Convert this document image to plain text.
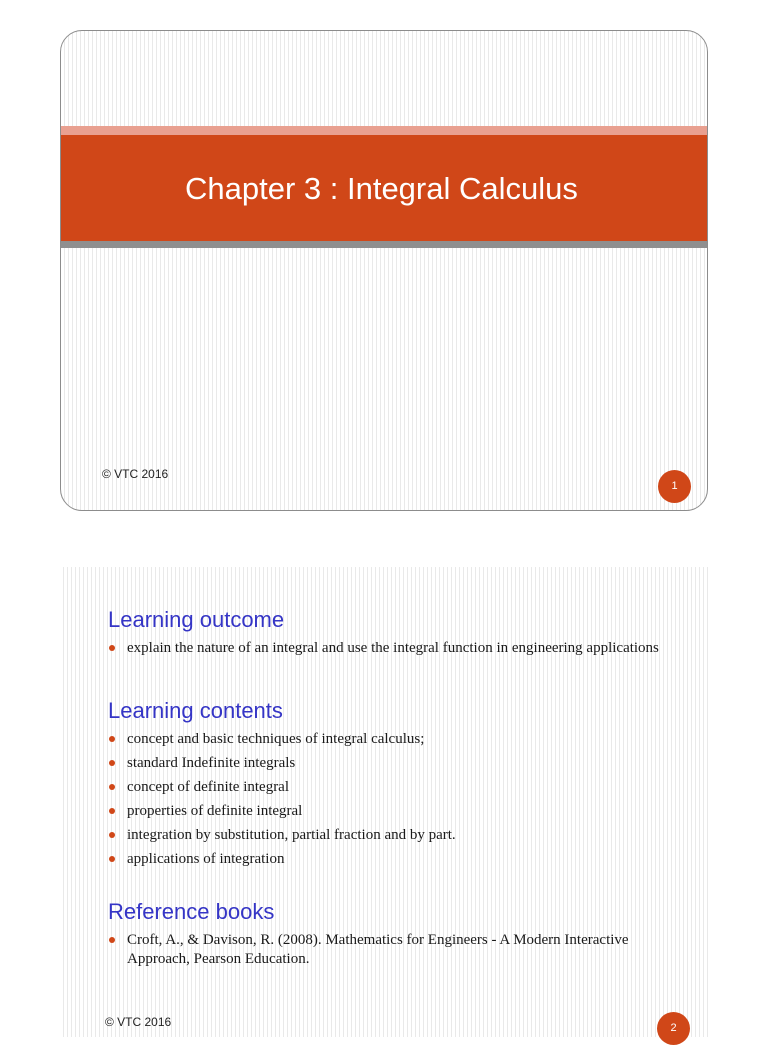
Chapter 3 : Integral Calculus
© VTC 2016
1
Learning outcome
explain the nature of an integral and use the integral function in engineering applications
Learning contents
concept and basic techniques of integral calculus;
standard Indefinite integrals
concept of definite integral
properties of definite integral
integration by substitution, partial fraction and by part.
applications of integration
Reference books
Croft, A., & Davison, R. (2008). Mathematics for Engineers - A Modern Interactive Approach, Pearson Education.
© VTC 2016	2
